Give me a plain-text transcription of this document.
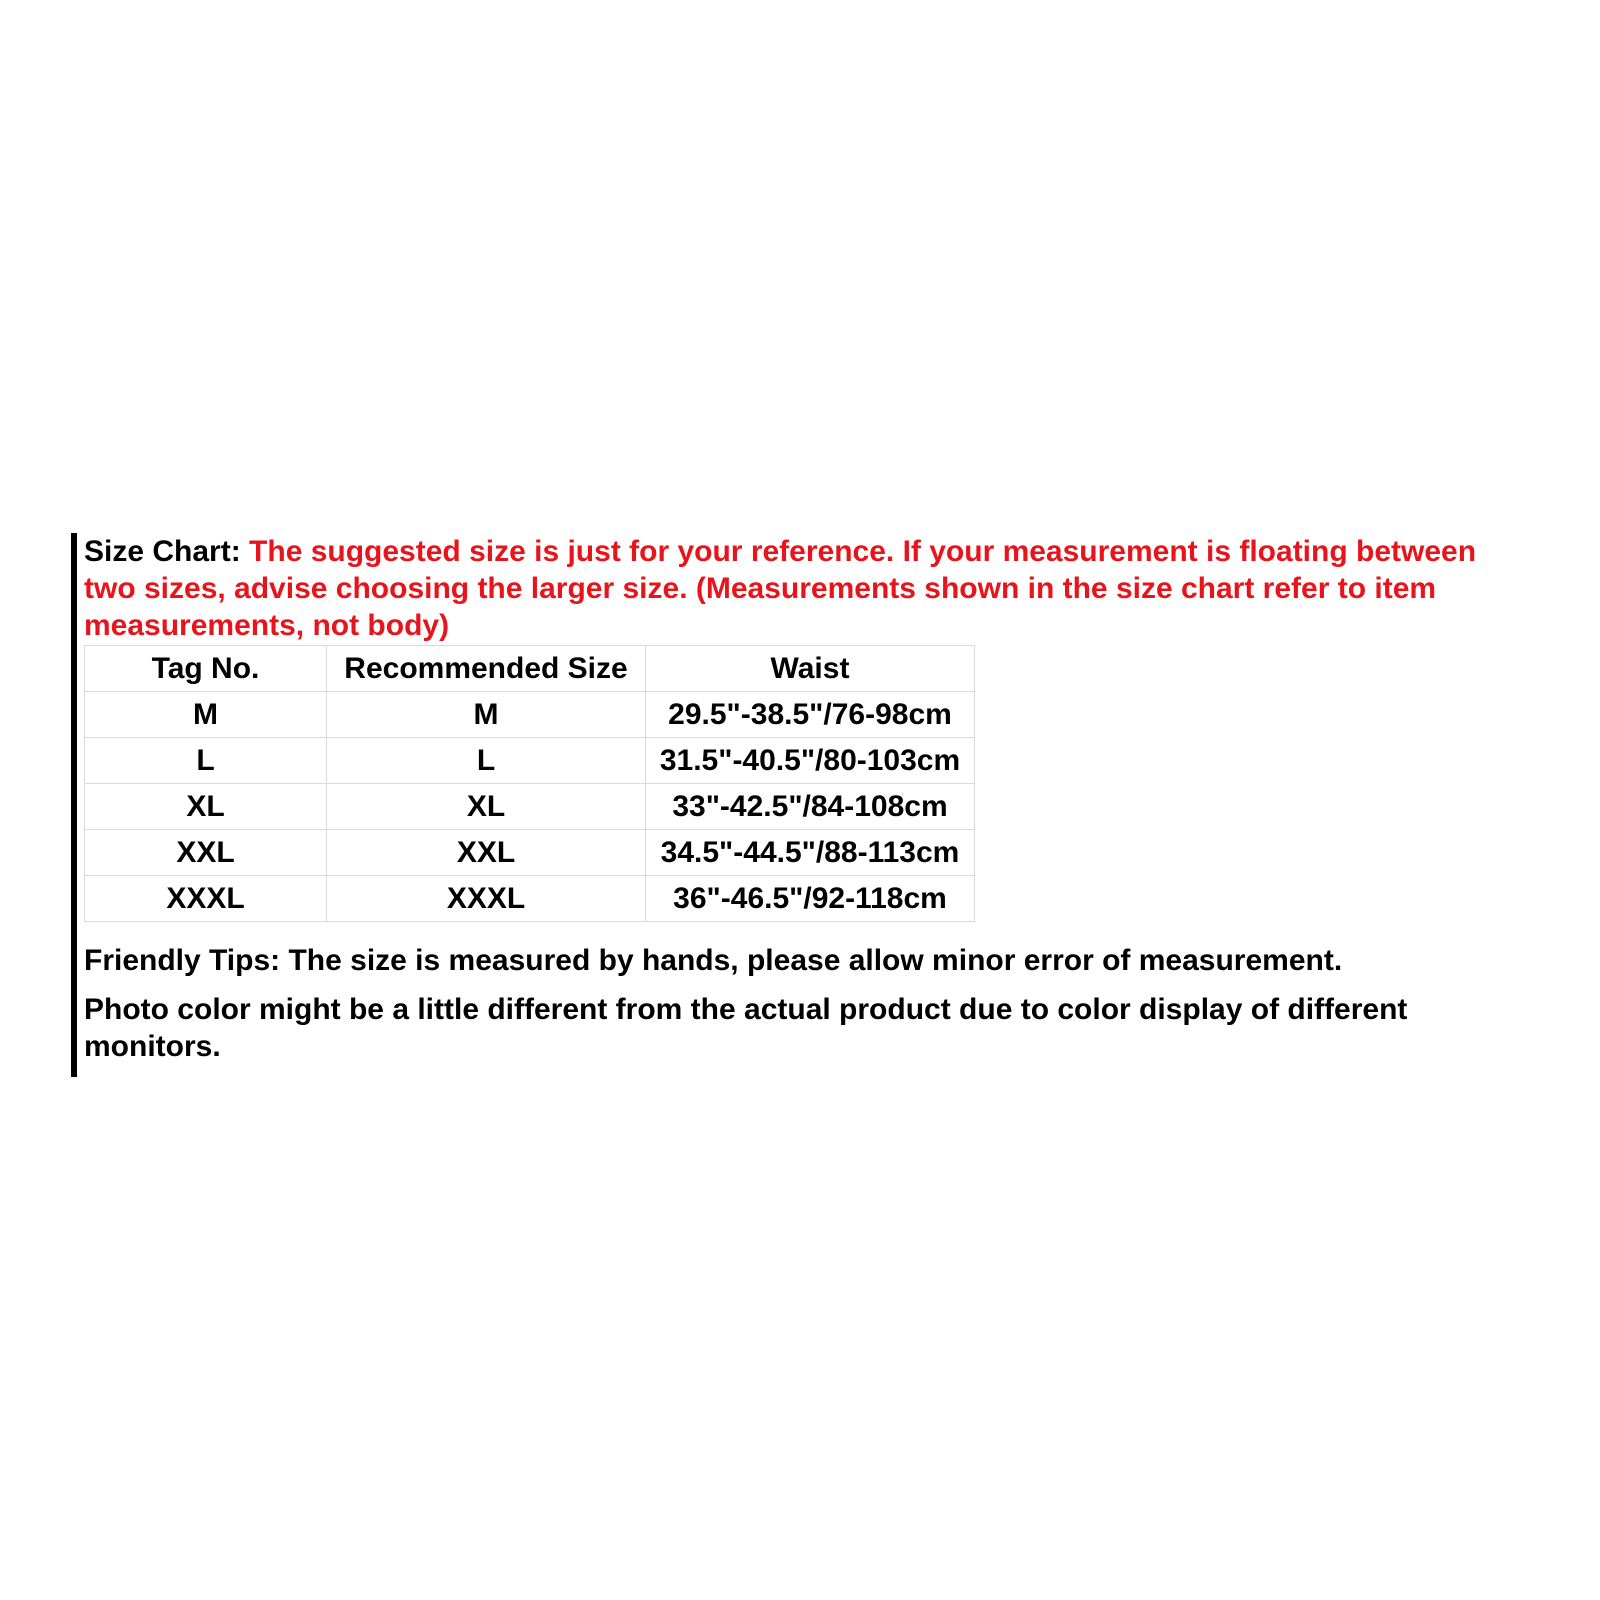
Size Chart: The suggested size is just for your reference. If your measurement is floating between two sizes, advise choosing the larger size. (Measurements shown in the size chart refer to item measurements, not body)

Tag No.	Recommended Size	Waist
M	M	29.5"-38.5"/76-98cm
L	L	31.5"-40.5"/80-103cm
XL	XL	33"-42.5"/84-108cm
XXL	XXL	34.5"-44.5"/88-113cm
XXXL	XXXL	36"-46.5"/92-118cm

Friendly Tips: The size is measured by hands, please allow minor error of measurement.

Photo color might be a little different from the actual product due to color display of different monitors.
